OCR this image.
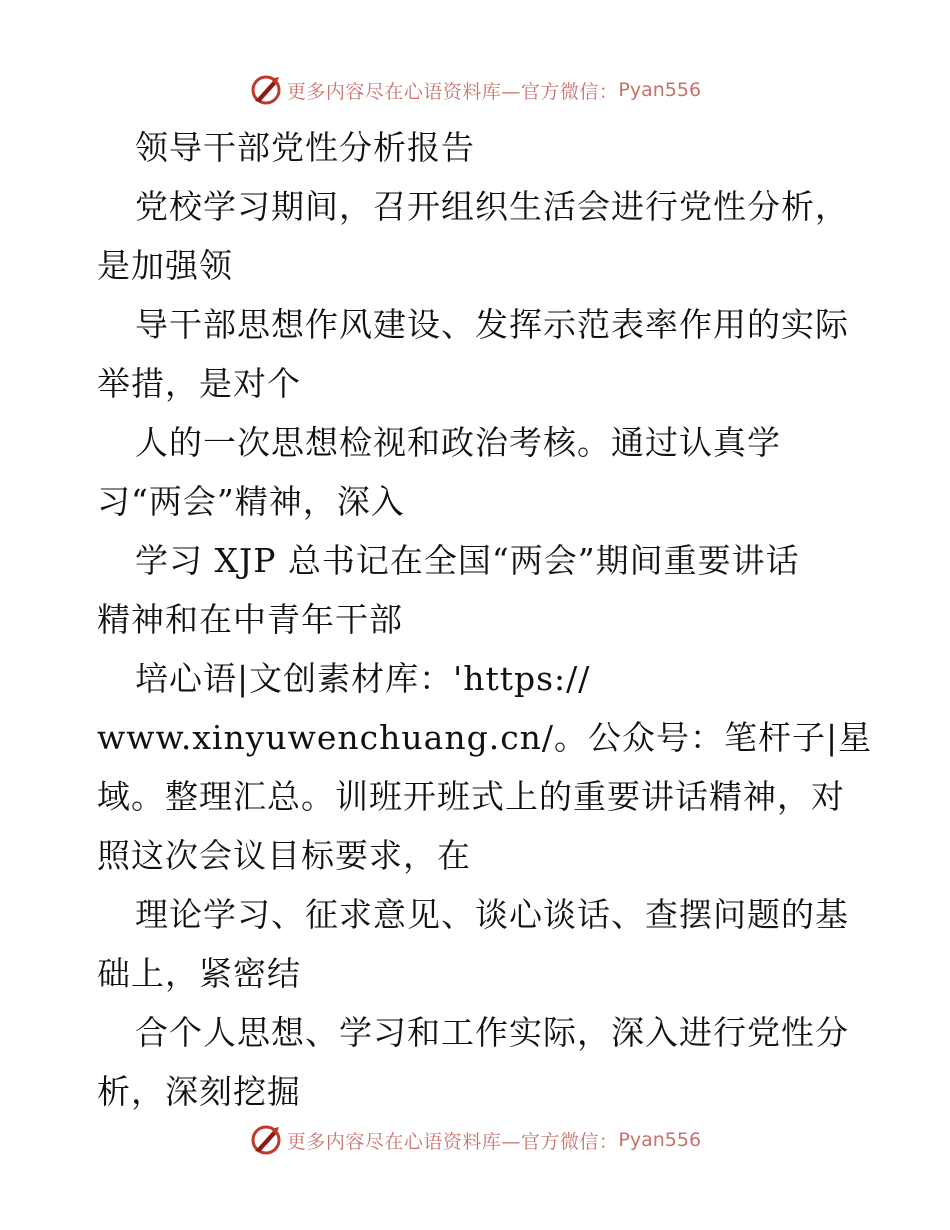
更多内容尽在心语资料库—官方微信： Pyan556
领导干部党性分析报告
党校学习期间，召开组织生活会进行党性分析，
是加强领
导干部思想作风建设、发挥示范表率作用的实际
举措，是对个
人的一次思想检视和政治考核。通过认真学
习“两会”精神，深入
学习 XJP 总书记在全国“两会”期间重要讲话
精神和在中青年干部
培心语|文创素材库：'https://
www.xinyuwenchuang.cn/。公众号：笔杆子|星
域。整理汇总。训班开班式上的重要讲话精神，对
照这次会议目标要求，在
理论学习、征求意见、谈心谈话、查摆问题的基
础上，紧密结
合个人思想、学习和工作实际，深入进行党性分
析，深刻挖掘
更多内容尽在心语资料库—官方微信： Pyan556
